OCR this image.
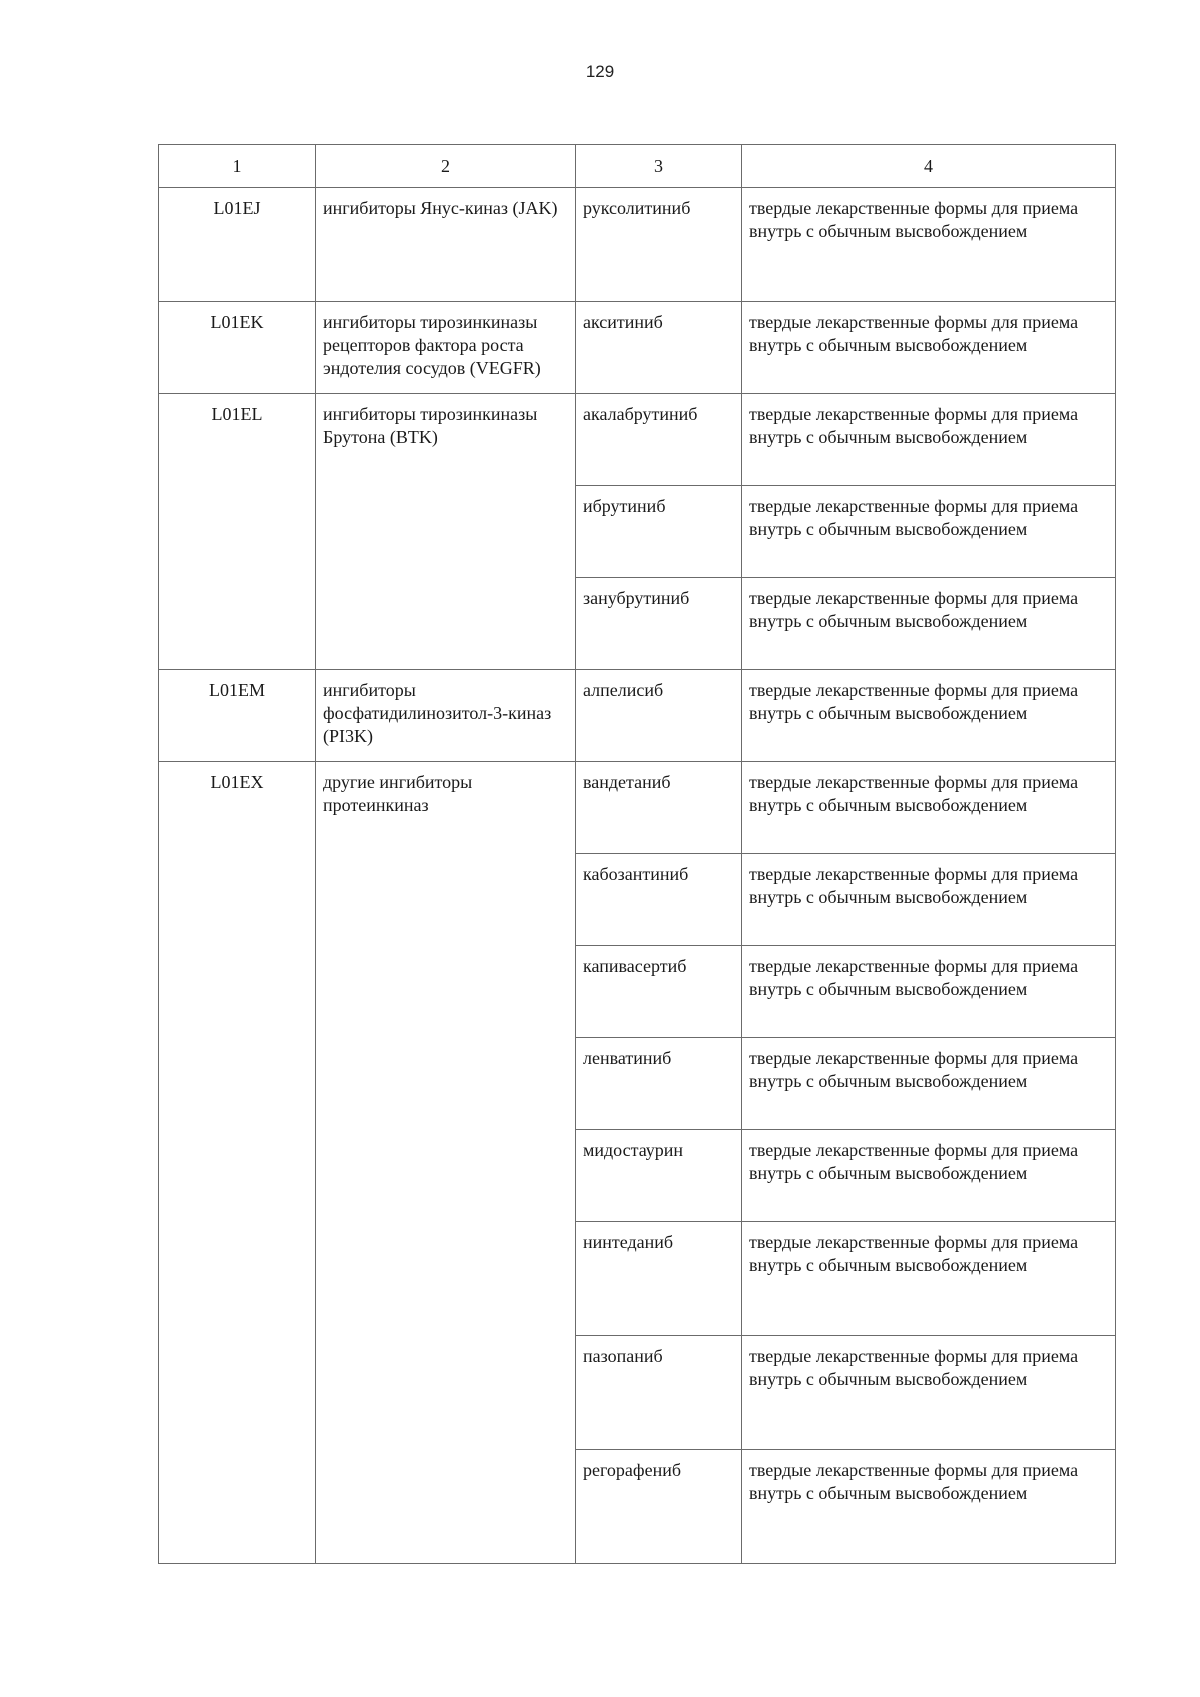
129
1	2	3	4
L01EJ	ингибиторы Янус-киназ (JAK)	руксолитиниб	твердые лекарственные формы для приема внутрь с обычным высвобождением
L01EK	ингибиторы тирозинкиназы рецепторов фактора роста эндотелия сосудов (VEGFR)	акситиниб	твердые лекарственные формы для приема внутрь с обычным высвобождением
L01EL	ингибиторы тирозинкиназы Брутона (BTK)	акалабрутиниб	твердые лекарственные формы для приема внутрь с обычным высвобождением
		ибрутиниб	твердые лекарственные формы для приема внутрь с обычным высвобождением
		занубрутиниб	твердые лекарственные формы для приема внутрь с обычным высвобождением
L01EM	ингибиторы фосфатидилинозитол-3-киназ (PI3K)	алпелисиб	твердые лекарственные формы для приема внутрь с обычным высвобождением
L01EX	другие ингибиторы протеинкиназ	вандетаниб	твердые лекарственные формы для приема внутрь с обычным высвобождением
		кабозантиниб	твердые лекарственные формы для приема внутрь с обычным высвобождением
		капивасертиб	твердые лекарственные формы для приема внутрь с обычным высвобождением
		ленватиниб	твердые лекарственные формы для приема внутрь с обычным высвобождением
		мидостаурин	твердые лекарственные формы для приема внутрь с обычным высвобождением
		нинтеданиб	твердые лекарственные формы для приема внутрь с обычным высвобождением
		пазопаниб	твердые лекарственные формы для приема внутрь с обычным высвобождением
		регорафениб	твердые лекарственные формы для приема внутрь с обычным высвобождением
